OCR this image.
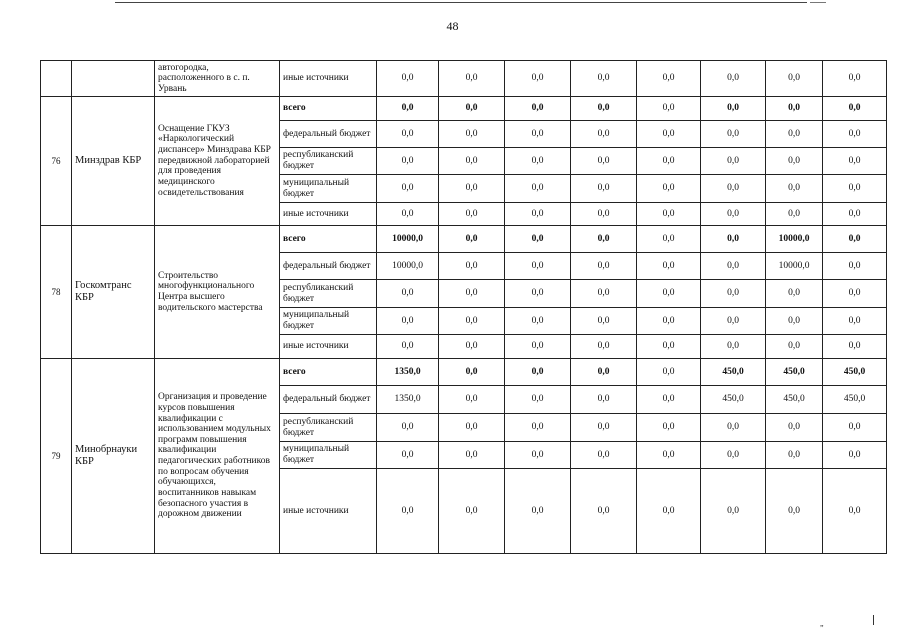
48
		автогородка, расположенного в с. п. Урвань	иные источники	0,0	0,0	0,0	0,0	0,0	0,0	0,0	0,0
76	Минздрав КБР	Оснащение ГКУЗ «Наркологический диспансер» Минздрава КБР передвижной лабораторией для проведения медицинского освидетельствования	всего	0,0	0,0	0,0	0,0	0,0	0,0	0,0	0,0
			федеральный бюджет	0,0	0,0	0,0	0,0	0,0	0,0	0,0	0,0
			республиканский бюджет	0,0	0,0	0,0	0,0	0,0	0,0	0,0	0,0
			муниципальный бюджет	0,0	0,0	0,0	0,0	0,0	0,0	0,0	0,0
			иные источники	0,0	0,0	0,0	0,0	0,0	0,0	0,0	0,0
78	Госкомтранс КБР	Строительство многофункционального Центра высшего водительского мастерства	всего	10000,0	0,0	0,0	0,0	0,0	0,0	10000,0	0,0
			федеральный бюджет	10000,0	0,0	0,0	0,0	0,0	0,0	10000,0	0,0
			республиканский бюджет	0,0	0,0	0,0	0,0	0,0	0,0	0,0	0,0
			муниципальный бюджет	0,0	0,0	0,0	0,0	0,0	0,0	0,0	0,0
			иные источники	0,0	0,0	0,0	0,0	0,0	0,0	0,0	0,0
79	Минобрнауки КБР	Организация и проведение курсов повышения квалификации с использованием модульных программ повышения квалификации педагогических работников по вопросам обучения обучающихся, воспитанников навыкам безопасного участия в дорожном движении	всего	1350,0	0,0	0,0	0,0	0,0	450,0	450,0	450,0
			федеральный бюджет	1350,0	0,0	0,0	0,0	0,0	450,0	450,0	450,0
			республиканский бюджет	0,0	0,0	0,0	0,0	0,0	0,0	0,0	0,0
			муниципальный бюджет	0,0	0,0	0,0	0,0	0,0	0,0	0,0	0,0
			иные источники	0,0	0,0	0,0	0,0	0,0	0,0	0,0	0,0
„
